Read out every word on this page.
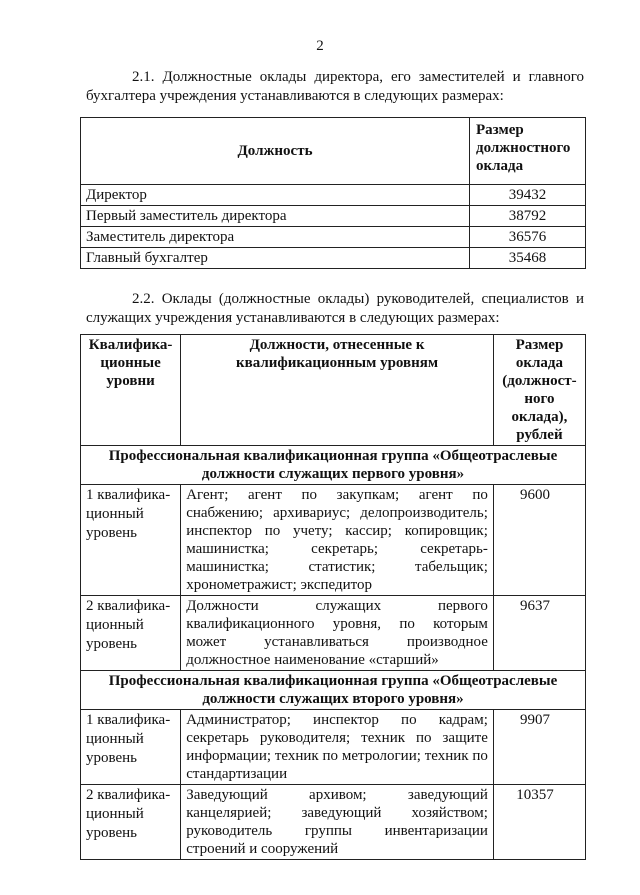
2

2.1. Должностные оклады директора, его заместителей и главного бухгалтера учреждения устанавливаются в следующих размерах:

Должность	Размер должностного оклада
Директор	39432
Первый заместитель директора	38792
Заместитель директора	36576
Главный бухгалтер	35468

2.2. Оклады (должностные оклады) руководителей, специалистов и служащих учреждения устанавливаются в следующих размерах:

Квалифика-ционные уровни	Должности, отнесенные к квалификационным уровням	Размер оклада (должност-ного оклада), рублей
Профессиональная квалификационная группа «Общеотраслевые должности служащих первого уровня»		
1 квалифика-ционный уровень	Агент; агент по закупкам; агент по снабжению; архивариус; делопроизводитель; инспектор по учету; кассир; копировщик; машинистка; секретарь; секретарь-машинистка; статистик; табельщик; хронометражист; экспедитор	9600
2 квалифика-ционный уровень	Должности служащих первого квалификационного уровня, по которым может устанавливаться производное должностное наименование «старший»	9637
Профессиональная квалификационная группа «Общеотраслевые должности служащих второго уровня»		
1 квалифика-ционный уровень	Администратор; инспектор по кадрам; секретарь руководителя; техник по защите информации; техник по метрологии; техник по стандартизации	9907
2 квалифика-ционный уровень	Заведующий архивом; заведующий канцелярией; заведующий хозяйством; руководитель группы инвентаризации строений и сооружений	10357
